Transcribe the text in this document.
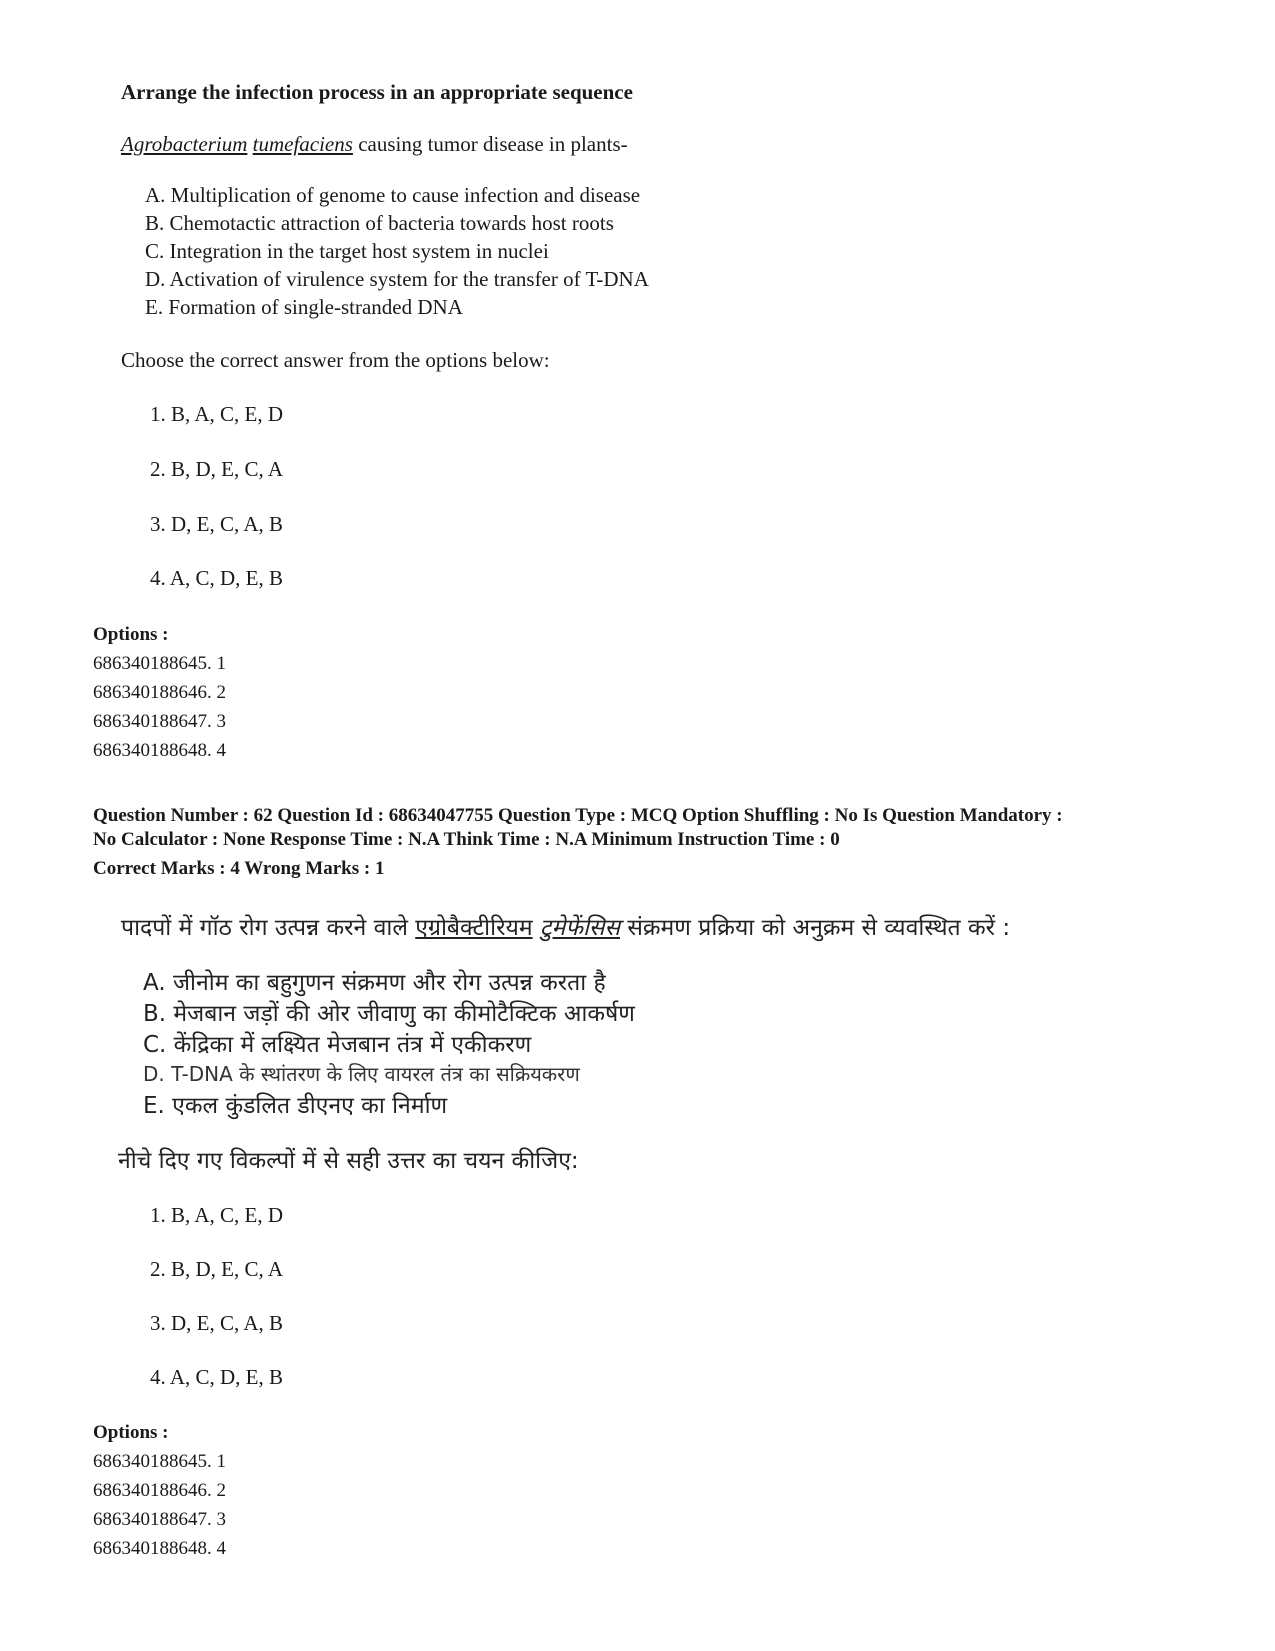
Arrange the infection process in an appropriate sequence
Agrobacterium tumefaciens causing tumor disease in plants-
A. Multiplication of genome to cause infection and disease
B. Chemotactic attraction of bacteria towards host roots
C. Integration in the target host system in nuclei
D. Activation of virulence system for the transfer of T-DNA
E. Formation of single-stranded DNA
Choose the correct answer from the options below:
1. B, A, C, E, D
2. B, D, E, C, A
3. D, E, C, A, B
4. A, C, D, E, B
Options :
686340188645. 1
686340188646. 2
686340188647. 3
686340188648. 4
Question Number : 62 Question Id : 68634047755 Question Type : MCQ Option Shuffling : No Is Question Mandatory :
No Calculator : None Response Time : N.A Think Time : N.A Minimum Instruction Time : 0
Correct Marks : 4 Wrong Marks : 1
पादपों में गॉठ रोग उत्पन्न करने वाले एग्रोबैक्टीरियम टुमेफेंसिस संक्रमण प्रक्रिया को अनुक्रम से व्यवस्थित करें :
A. जीनोम का बहुगुणन संक्रमण और रोग उत्पन्न करता है
B. मेजबान जड़ों की ओर जीवाणु का कीमोटैक्टिक आकर्षण
C. केंद्रिका में लक्ष्यित मेजबान तंत्र में एकीकरण
D. T-DNA के स्थांतरण के लिए वायरल तंत्र का सक्रियकरण
E. एकल कुंडलित डीएनए का निर्माण
नीचे दिए गए विकल्पों में से सही उत्तर का चयन कीजिए:
1. B, A, C, E, D
2. B, D, E, C, A
3. D, E, C, A, B
4. A, C, D, E, B
Options :
686340188645. 1
686340188646. 2
686340188647. 3
686340188648. 4
